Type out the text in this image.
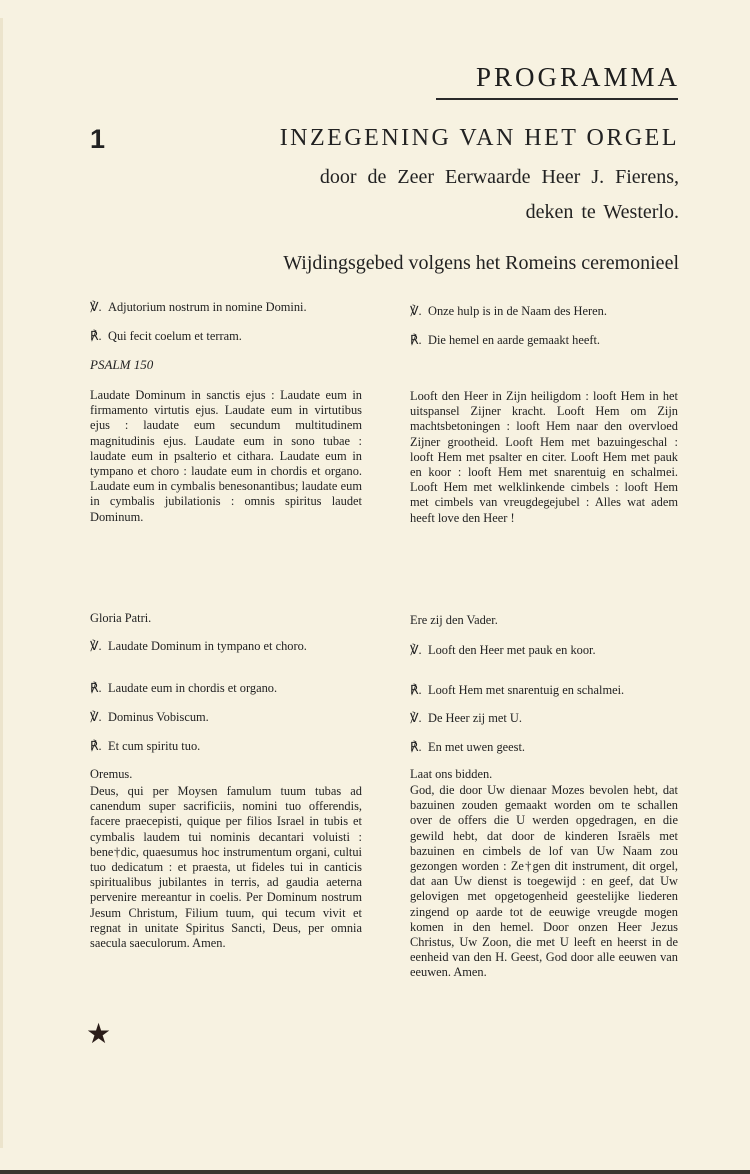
PROGRAMMA
1	INZEGENING VAN HET ORGEL
door de Zeer Eerwaarde Heer J. Fierens,
deken te Westerlo.
Wijdingsgebed volgens het Romeins ceremonieel
℣. Adjutorium nostrum in nomine Domini.
℟. Qui fecit coelum et terram.
PSALM 150
Laudate Dominum in sanctis ejus : Laudate eum in firmamento virtutis ejus. Laudate eum in virtutibus ejus : laudate eum secundum multitudinem magnitudinis ejus. Laudate eum in sono tubae : laudate eum in psalterio et cithara. Laudate eum in tympano et choro : laudate eum in chordis et organo. Laudate eum in cymbalis benesonantibus; laudate eum in cymbalis jubilationis : omnis spiritus laudet Dominum.
Gloria Patri.
℣. Laudate Dominum in tympano et choro.
℟. Laudate eum in chordis et organo.
℣. Dominus Vobiscum.
℟. Et cum spiritu tuo.
Oremus.
Deus, qui per Moysen famulum tuum tubas ad canendum super sacrificiis, nomini tuo offerendis, facere praecepisti, quique per filios Israel in tubis et cymbalis laudem tui nominis decantari voluisti : bene†dic, quaesumus hoc instrumentum organi, cultui tuo dedicatum : et praesta, ut fideles tui in canticis spiritualibus jubilantes in terris, ad gaudia aeterna pervenire mereantur in coelis. Per Dominum nostrum Jesum Christum, Filium tuum, qui tecum vivit et regnat in unitate Spiritus Sancti, Deus, per omnia saecula saeculorum. Amen.
★
℣. Onze hulp is in de Naam des Heren.
℟. Die hemel en aarde gemaakt heeft.
Looft den Heer in Zijn heiligdom : looft Hem in het uitspansel Zijner kracht. Looft Hem om Zijn machtsbetoningen : looft Hem naar den overvloed Zijner grootheid. Looft Hem met bazuingeschal : looft Hem met psalter en citer. Looft Hem met pauk en koor : looft Hem met snarentuig en schalmei. Looft Hem met welklinkende cimbels : looft Hem met cimbels van vreugdegejubel : Alles wat adem heeft love den Heer !
Ere zij den Vader.
℣. Looft den Heer met pauk en koor.
℟. Looft Hem met snarentuig en schalmei.
℣. De Heer zij met U.
℟. En met uwen geest.
Laat ons bidden.
God, die door Uw dienaar Mozes bevolen hebt, dat bazuinen zouden gemaakt worden om te schallen over de offers die U werden opgedragen, en die gewild hebt, dat door de kinderen Israëls met bazuinen en cimbels de lof van Uw Naam zou gezongen worden : Ze†gen dit instrument, dit orgel, dat aan Uw dienst is toegewijd : en geef, dat Uw gelovigen met opgetogenheid geestelijke liederen zingend op aarde tot de eeuwige vreugde mogen komen in den hemel. Door onzen Heer Jezus Christus, Uw Zoon, die met U leeft en heerst in de eenheid van den H. Geest, God door alle eeuwen van eeuwen. Amen.
